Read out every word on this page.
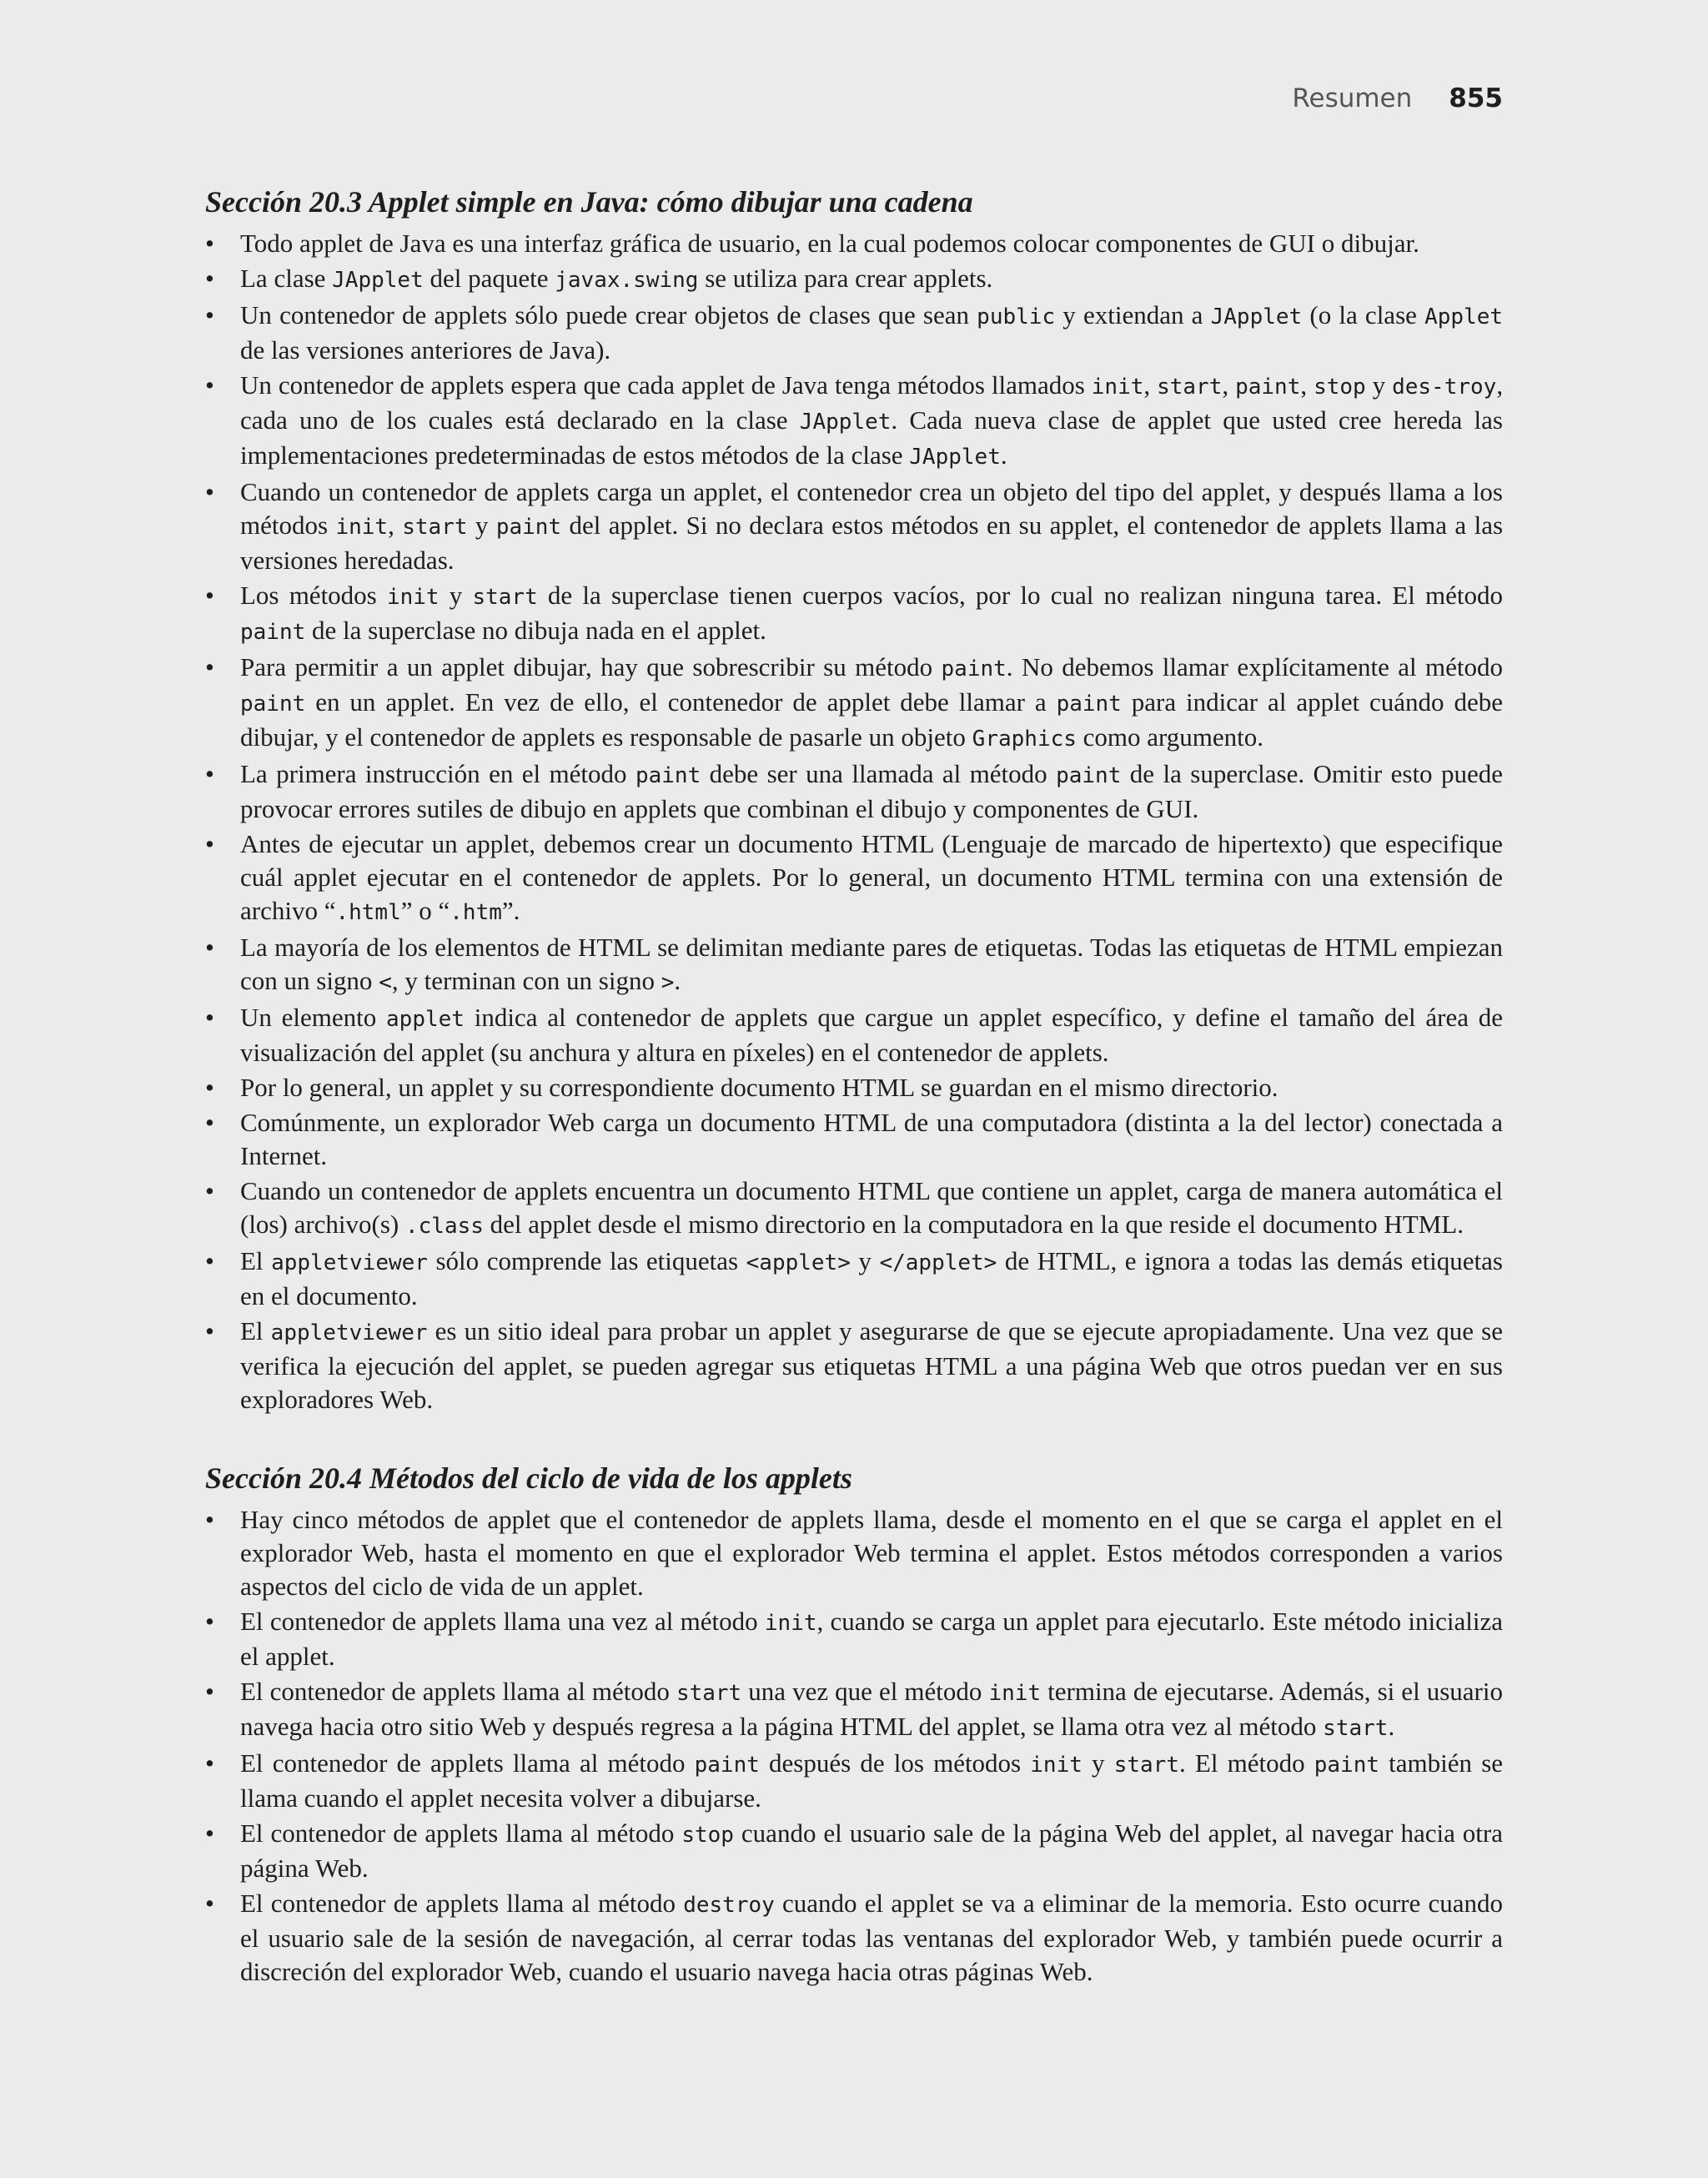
Resumen 855
Sección 20.3 Applet simple en Java: cómo dibujar una cadena
• Todo applet de Java es una interfaz gráfica de usuario, en la cual podemos colocar componentes de GUI o dibujar.
• La clase JApplet del paquete javax.swing se utiliza para crear applets.
• Un contenedor de applets sólo puede crear objetos de clases que sean public y extiendan a JApplet (o la clase Applet de las versiones anteriores de Java).
• Un contenedor de applets espera que cada applet de Java tenga métodos llamados init, start, paint, stop y des-troy, cada uno de los cuales está declarado en la clase JApplet. Cada nueva clase de applet que usted cree hereda las implementaciones predeterminadas de estos métodos de la clase JApplet.
• Cuando un contenedor de applets carga un applet, el contenedor crea un objeto del tipo del applet, y después llama a los métodos init, start y paint del applet. Si no declara estos métodos en su applet, el contenedor de applets llama a las versiones heredadas.
• Los métodos init y start de la superclase tienen cuerpos vacíos, por lo cual no realizan ninguna tarea. El método paint de la superclase no dibuja nada en el applet.
• Para permitir a un applet dibujar, hay que sobrescribir su método paint. No debemos llamar explícitamente al método paint en un applet. En vez de ello, el contenedor de applet debe llamar a paint para indicar al applet cuándo debe dibujar, y el contenedor de applets es responsable de pasarle un objeto Graphics como argumento.
• La primera instrucción en el método paint debe ser una llamada al método paint de la superclase. Omitir esto puede provocar errores sutiles de dibujo en applets que combinan el dibujo y componentes de GUI.
• Antes de ejecutar un applet, debemos crear un documento HTML (Lenguaje de marcado de hipertexto) que especifique cuál applet ejecutar en el contenedor de applets. Por lo general, un documento HTML termina con una extensión de archivo “.html” o “.htm”.
• La mayoría de los elementos de HTML se delimitan mediante pares de etiquetas. Todas las etiquetas de HTML empiezan con un signo <, y terminan con un signo >.
• Un elemento applet indica al contenedor de applets que cargue un applet específico, y define el tamaño del área de visualización del applet (su anchura y altura en píxeles) en el contenedor de applets.
• Por lo general, un applet y su correspondiente documento HTML se guardan en el mismo directorio.
• Comúnmente, un explorador Web carga un documento HTML de una computadora (distinta a la del lector) conectada a Internet.
• Cuando un contenedor de applets encuentra un documento HTML que contiene un applet, carga de manera automática el (los) archivo(s) .class del applet desde el mismo directorio en la computadora en la que reside el documento HTML.
• El appletviewer sólo comprende las etiquetas <applet> y </applet> de HTML, e ignora a todas las demás etiquetas en el documento.
• El appletviewer es un sitio ideal para probar un applet y asegurarse de que se ejecute apropiadamente. Una vez que se verifica la ejecución del applet, se pueden agregar sus etiquetas HTML a una página Web que otros puedan ver en sus exploradores Web.
Sección 20.4 Métodos del ciclo de vida de los applets
• Hay cinco métodos de applet que el contenedor de applets llama, desde el momento en el que se carga el applet en el explorador Web, hasta el momento en que el explorador Web termina el applet. Estos métodos corresponden a varios aspectos del ciclo de vida de un applet.
• El contenedor de applets llama una vez al método init, cuando se carga un applet para ejecutarlo. Este método inicializa el applet.
• El contenedor de applets llama al método start una vez que el método init termina de ejecutarse. Además, si el usuario navega hacia otro sitio Web y después regresa a la página HTML del applet, se llama otra vez al método start.
• El contenedor de applets llama al método paint después de los métodos init y start. El método paint también se llama cuando el applet necesita volver a dibujarse.
• El contenedor de applets llama al método stop cuando el usuario sale de la página Web del applet, al navegar hacia otra página Web.
• El contenedor de applets llama al método destroy cuando el applet se va a eliminar de la memoria. Esto ocurre cuando el usuario sale de la sesión de navegación, al cerrar todas las ventanas del explorador Web, y también puede ocurrir a discreción del explorador Web, cuando el usuario navega hacia otras páginas Web.
